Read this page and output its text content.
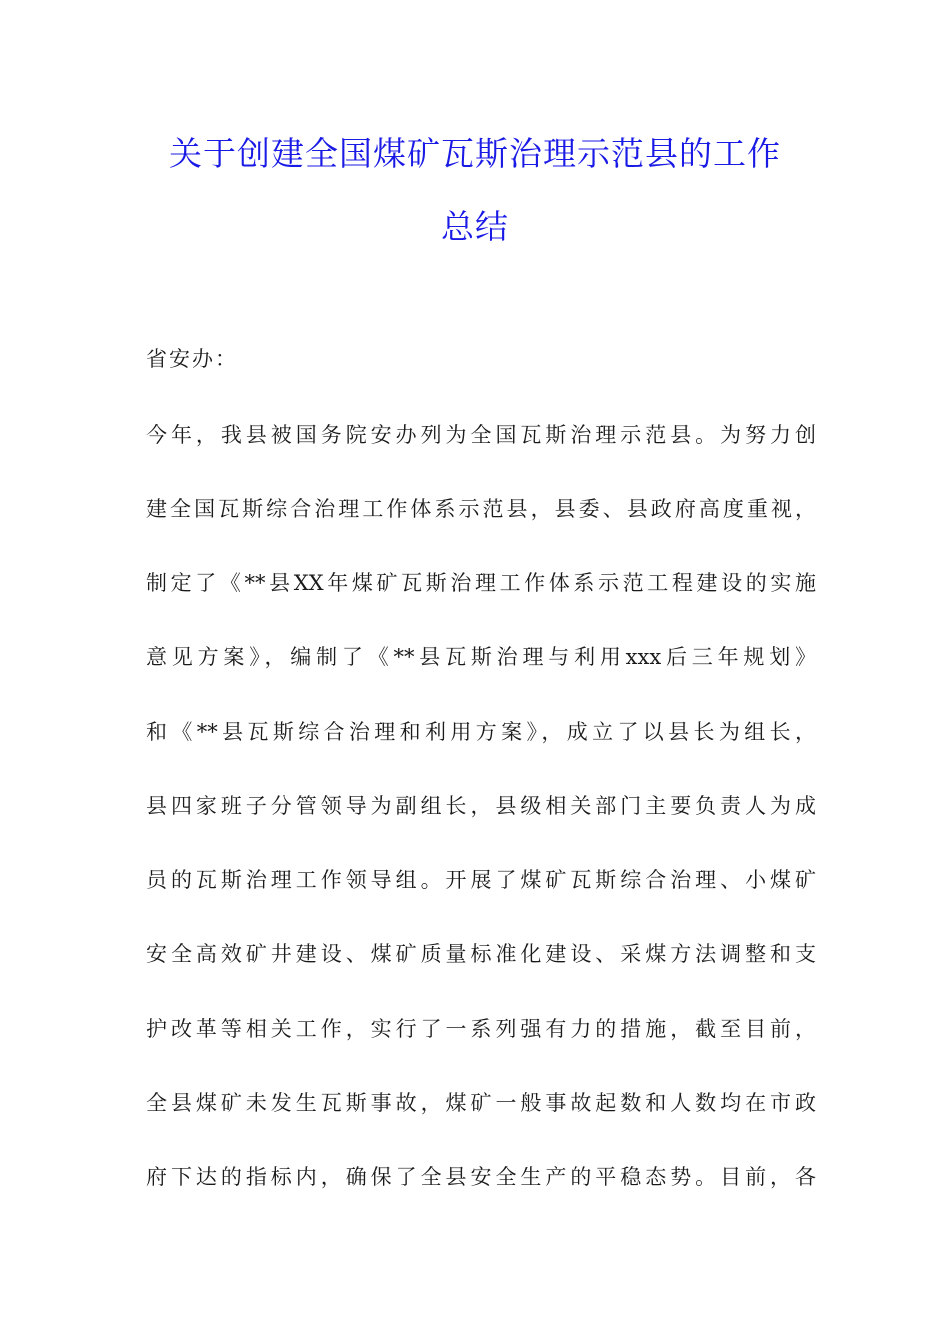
关于创建全国煤矿瓦斯治理示范县的工作
总结
省安办：
今年，我县被国务院安办列为全国瓦斯治理示范县。为努力创
建全国瓦斯综合治理工作体系示范县，县委、县政府高度重视，
制定了《**县XX年煤矿瓦斯治理工作体系示范工程建设的实施
意见方案》，编制了《**县瓦斯治理与利用xxx后三年规划》
和《**县瓦斯综合治理和利用方案》，成立了以县长为组长，
县四家班子分管领导为副组长，县级相关部门主要负责人为成
员的瓦斯治理工作领导组。开展了煤矿瓦斯综合治理、小煤矿
安全高效矿井建设、煤矿质量标准化建设、采煤方法调整和支
护改革等相关工作，实行了一系列强有力的措施，截至目前，
全县煤矿未发生瓦斯事故，煤矿一般事故起数和人数均在市政
府下达的指标内，确保了全县安全生产的平稳态势。目前，各
